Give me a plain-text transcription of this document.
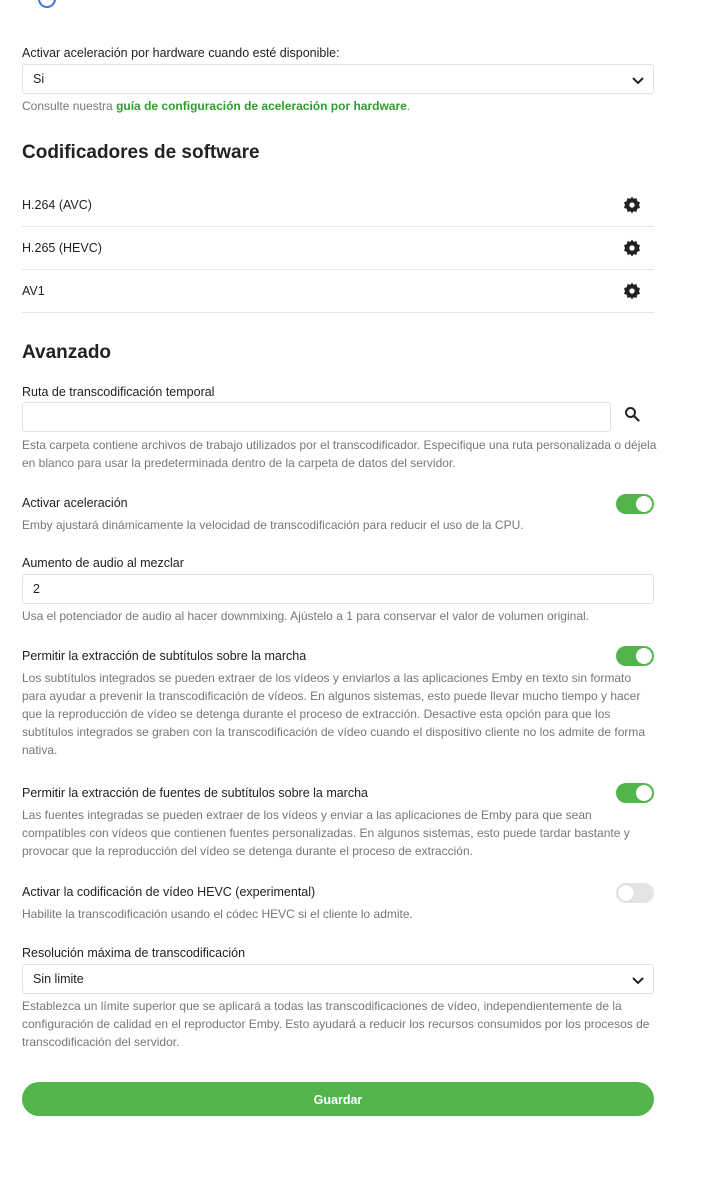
Activar aceleración por hardware cuando esté disponible:
Si
Consulte nuestra guía de configuración de aceleración por hardware.
Codificadores de software
H.264 (AVC)
H.265 (HEVC)
AV1
Avanzado
Ruta de transcodificación temporal
Esta carpeta contiene archivos de trabajo utilizados por el transcodificador. Especifique una ruta personalizada o déjela en blanco para usar la predeterminada dentro de la carpeta de datos del servidor.
Activar aceleración
Emby ajustará dinámicamente la velocidad de transcodificación para reducir el uso de la CPU.
Aumento de audio al mezclar
2
Usa el potenciador de audio al hacer downmixing. Ajústelo a 1 para conservar el valor de volumen original.
Permitir la extracción de subtítulos sobre la marcha
Los subtítulos integrados se pueden extraer de los vídeos y enviarlos a las aplicaciones Emby en texto sin formato para ayudar a prevenir la transcodificación de vídeos. En algunos sistemas, esto puede llevar mucho tiempo y hacer que la reproducción de vídeo se detenga durante el proceso de extracción. Desactive esta opción para que los subtítulos integrados se graben con la transcodificación de vídeo cuando el dispositivo cliente no los admite de forma nativa.
Permitir la extracción de fuentes de subtítulos sobre la marcha
Las fuentes integradas se pueden extraer de los vídeos y enviar a las aplicaciones de Emby para que sean compatibles con vídeos que contienen fuentes personalizadas. En algunos sistemas, esto puede tardar bastante y provocar que la reproducción del vídeo se detenga durante el proceso de extracción.
Activar la codificación de vídeo HEVC (experimental)
Habilite la transcodificación usando el códec HEVC si el cliente lo admite.
Resolución máxima de transcodificación
Sin limite
Establezca un límite superior que se aplicará a todas las transcodificaciones de vídeo, independientemente de la configuración de calidad en el reproductor Emby. Esto ayudará a reducir los recursos consumidos por los procesos de transcodificación del servidor.
Guardar
